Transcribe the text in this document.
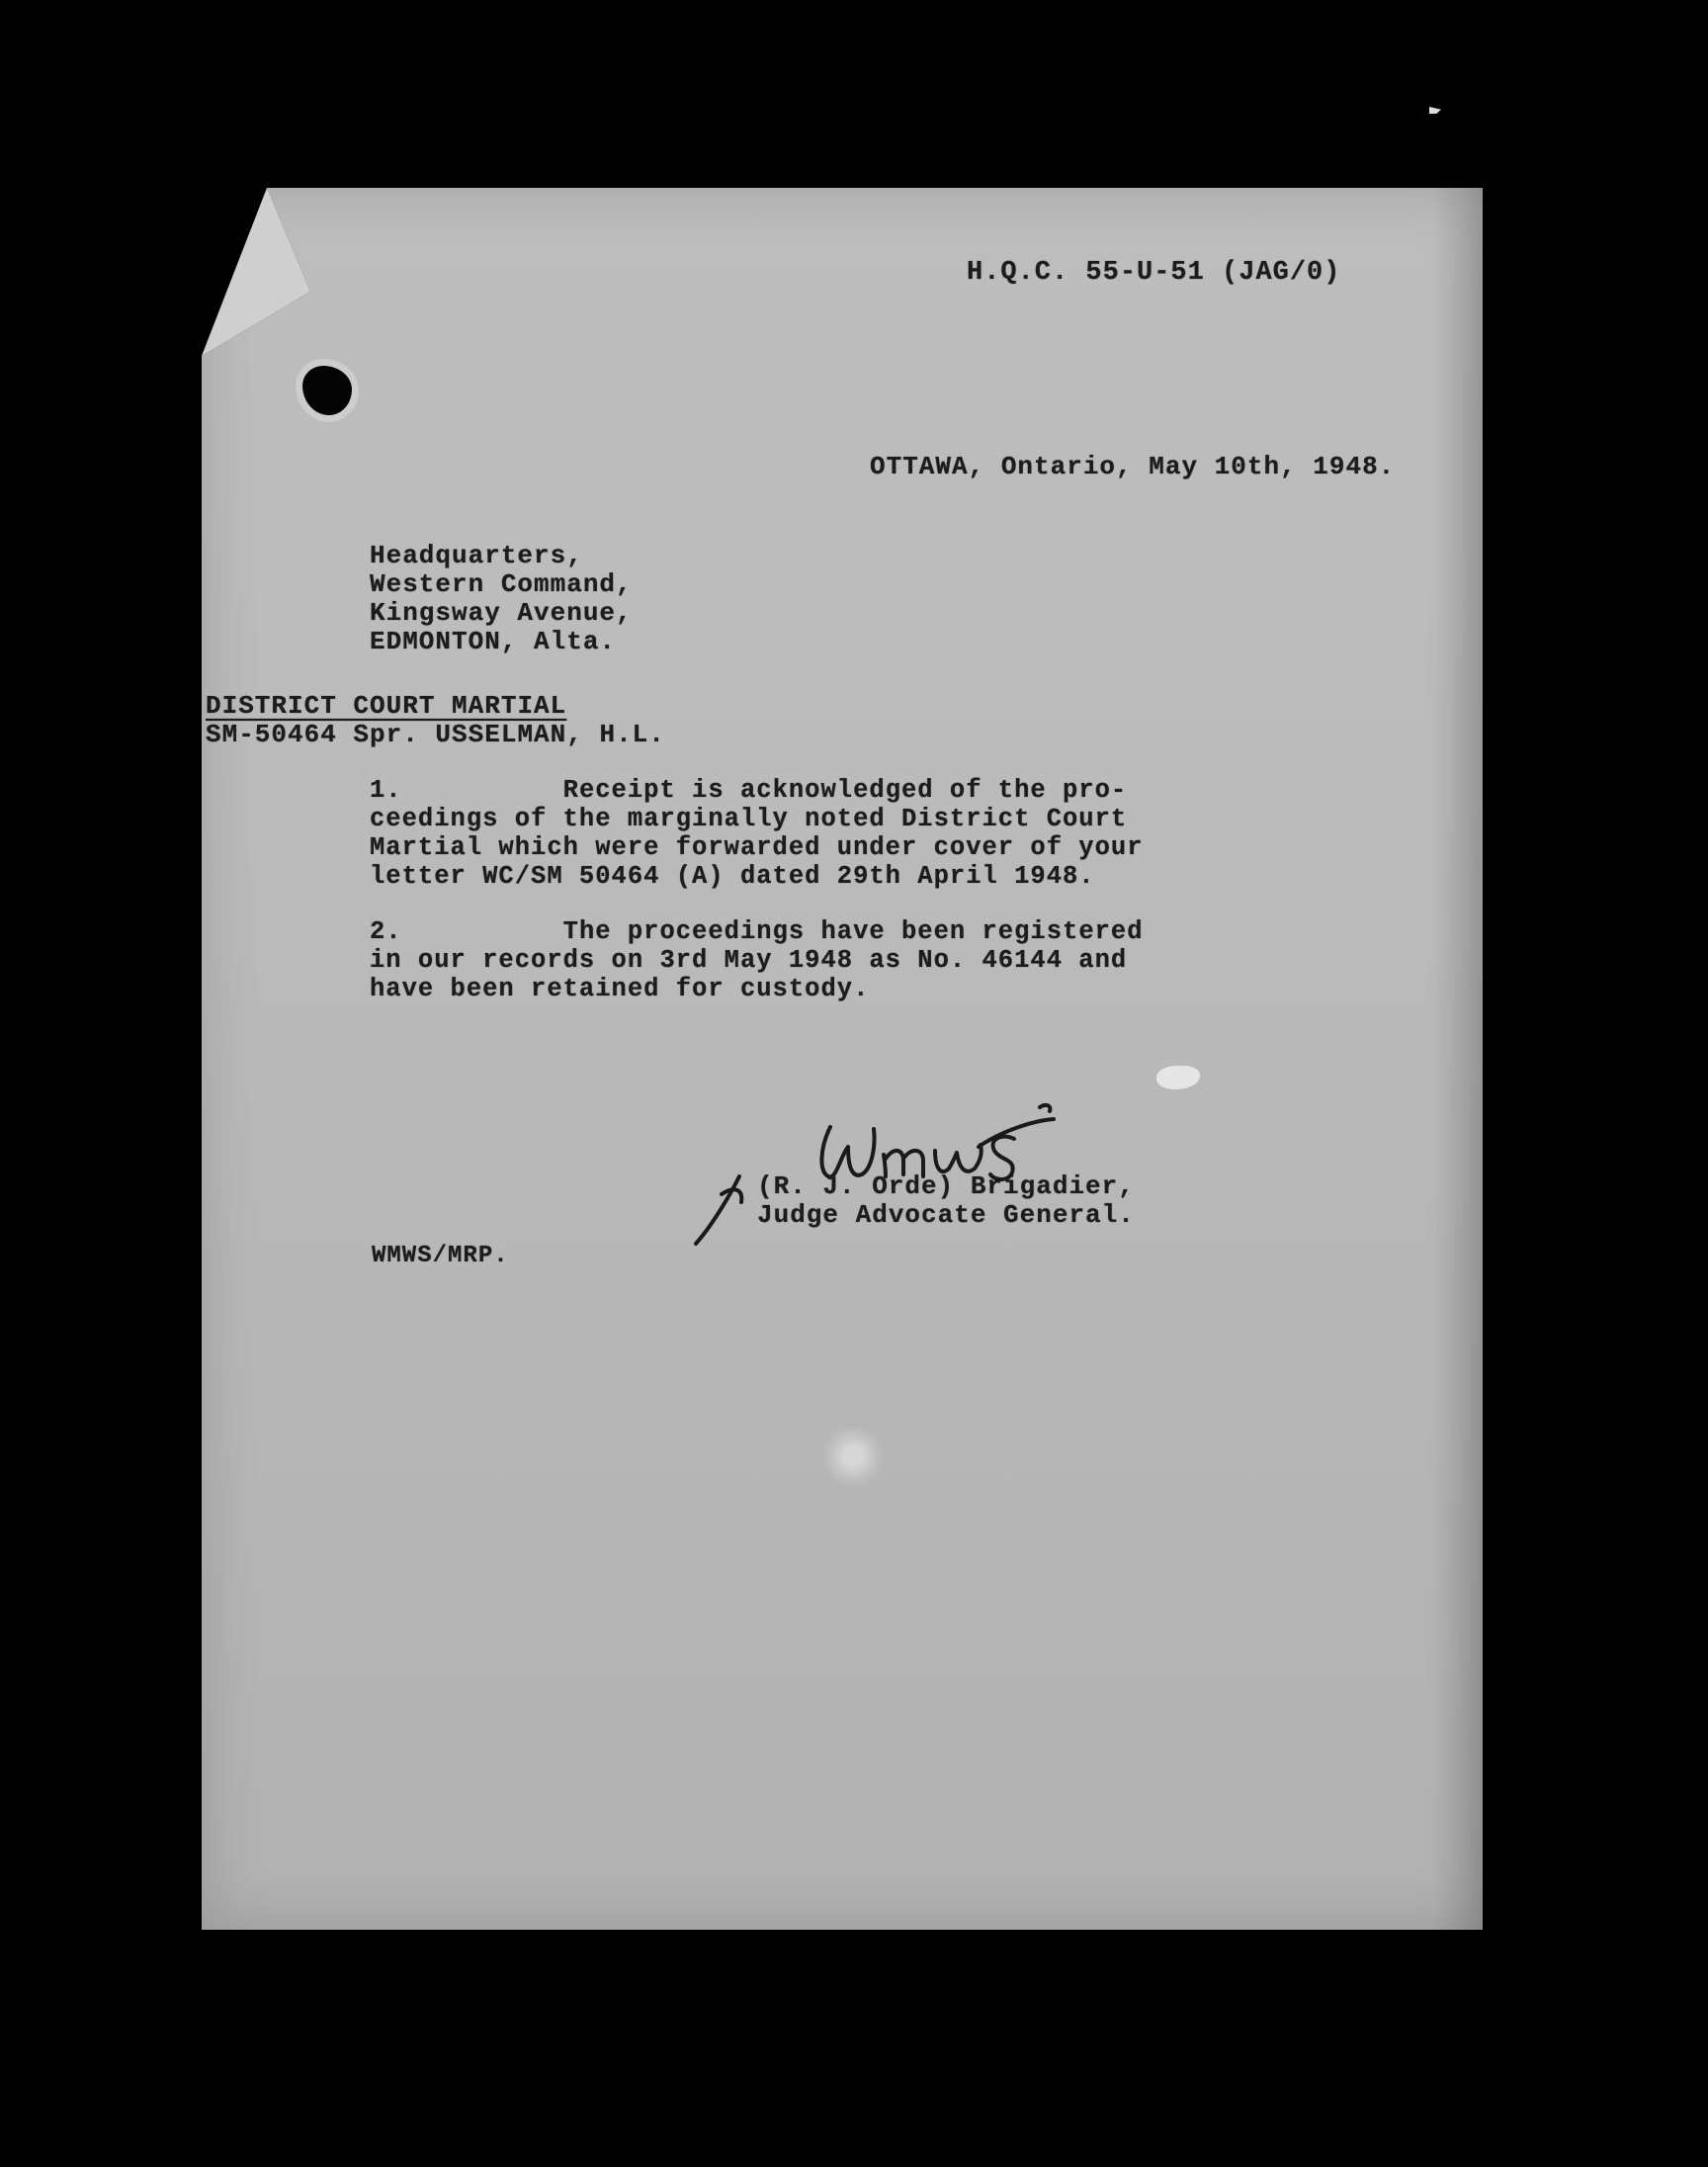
H.Q.C. 55-U-51 (JAG/0)
OTTAWA, Ontario, May 10th, 1948.
Headquarters,
Western Command,
Kingsway Avenue,
EDMONTON, Alta.
DISTRICT COURT MARTIAL
SM-50464 Spr. USSELMAN, H.L.
1.	Receipt is acknowledged of the pro-
ceedings of the marginally noted District Court
Martial which were forwarded under cover of your
letter WC/SM 50464 (A) dated 29th April 1948.
2.	The proceedings have been registered
in our records on 3rd May 1948 as No. 46144 and
have been retained for custody.
(R. J. Orde) Brigadier,
Judge Advocate General.
WMWS/MRP.
